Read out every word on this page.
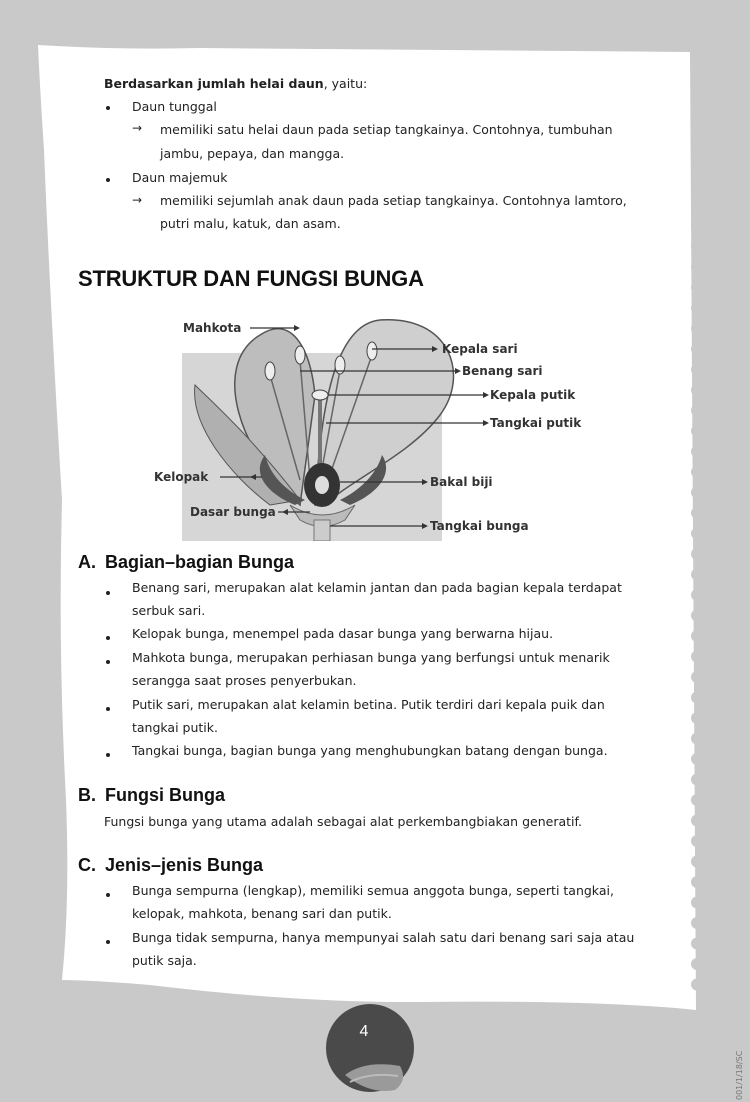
Berdasarkan jumlah helai daun, yaitu:
Daun tunggal
→ memiliki satu helai daun pada setiap tangkainya. Contohnya, tumbuhan
jambu, pepaya, dan mangga.
Daun majemuk
→ memiliki sejumlah anak daun pada setiap tangkainya. Contohnya lamtoro,
putri malu, katuk, dan asam.
STRUKTUR DAN FUNGSI BUNGA
Mahkota
Kepala sari
Benang sari
Kepala putik
Tangkai putik
Kelopak	Bakal biji
Dasar bunga
Tangkai bunga
A. Bagian–bagian Bunga
Benang sari, merupakan alat kelamin jantan dan pada bagian kepala terdapat
serbuk sari.
Kelopak bunga, menempel pada dasar bunga yang berwarna hijau.
Mahkota bunga, merupakan perhiasan bunga yang berfungsi untuk menarik
serangga saat proses penyerbukan.
Putik sari, merupakan alat kelamin betina. Putik terdiri dari kepala puik dan
tangkai putik.
Tangkai bunga, bagian bunga yang menghubungkan batang dengan bunga.
B. Fungsi Bunga
Fungsi bunga yang utama adalah sebagai alat perkembangbiakan generatif.
C. Jenis–jenis Bunga
Bunga sempurna (lengkap), memiliki semua anggota bunga, seperti tangkai,
kelopak, mahkota, benang sari dan putik.
Bunga tidak sempurna, hanya mempunyai salah satu dari benang sari saja atau
putik saja.
4
001/1/18/SC
